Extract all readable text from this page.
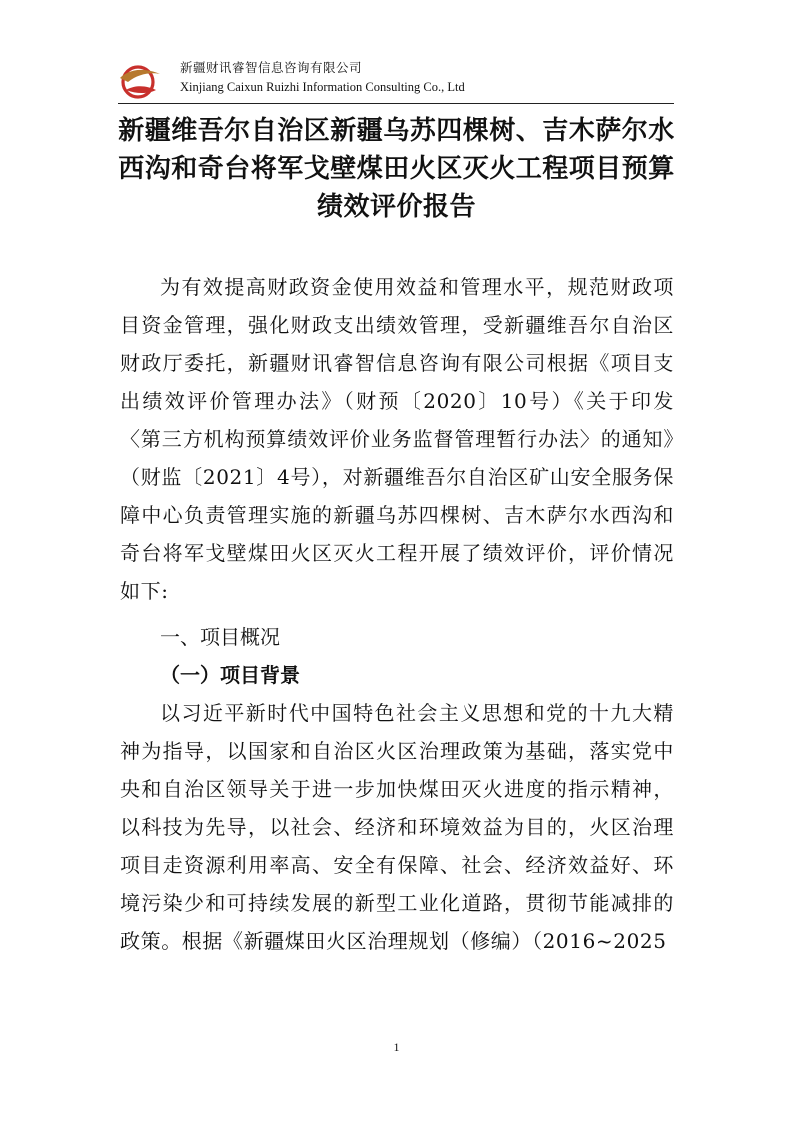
新疆财讯睿智信息咨询有限公司
Xinjiang Caixun Ruizhi Information Consulting Co., Ltd
新疆维吾尔自治区新疆乌苏四棵树、吉木萨尔水西沟和奇台将军戈壁煤田火区灭火工程项目预算绩效评价报告

为有效提高财政资金使用效益和管理水平，规范财政项目资金管理，强化财政支出绩效管理，受新疆维吾尔自治区财政厅委托，新疆财讯睿智信息咨询有限公司根据《项目支出绩效评价管理办法》（财预〔2020〕10号）《关于印发〈第三方机构预算绩效评价业务监督管理暂行办法〉的通知》（财监〔2021〕4号），对新疆维吾尔自治区矿山安全服务保障中心负责管理实施的新疆乌苏四棵树、吉木萨尔水西沟和奇台将军戈壁煤田火区灭火工程开展了绩效评价，评价情况如下:

一、项目概况

（一）项目背景

以习近平新时代中国特色社会主义思想和党的十九大精神为指导，以国家和自治区火区治理政策为基础，落实党中央和自治区领导关于进一步加快煤田灭火进度的指示精神，以科技为先导，以社会、经济和环境效益为目的，火区治理项目走资源利用率高、安全有保障、社会、经济效益好、环境污染少和可持续发展的新型工业化道路，贯彻节能减排的政策。根据《新疆煤田火区治理规划（修编）（2016~2025

1
